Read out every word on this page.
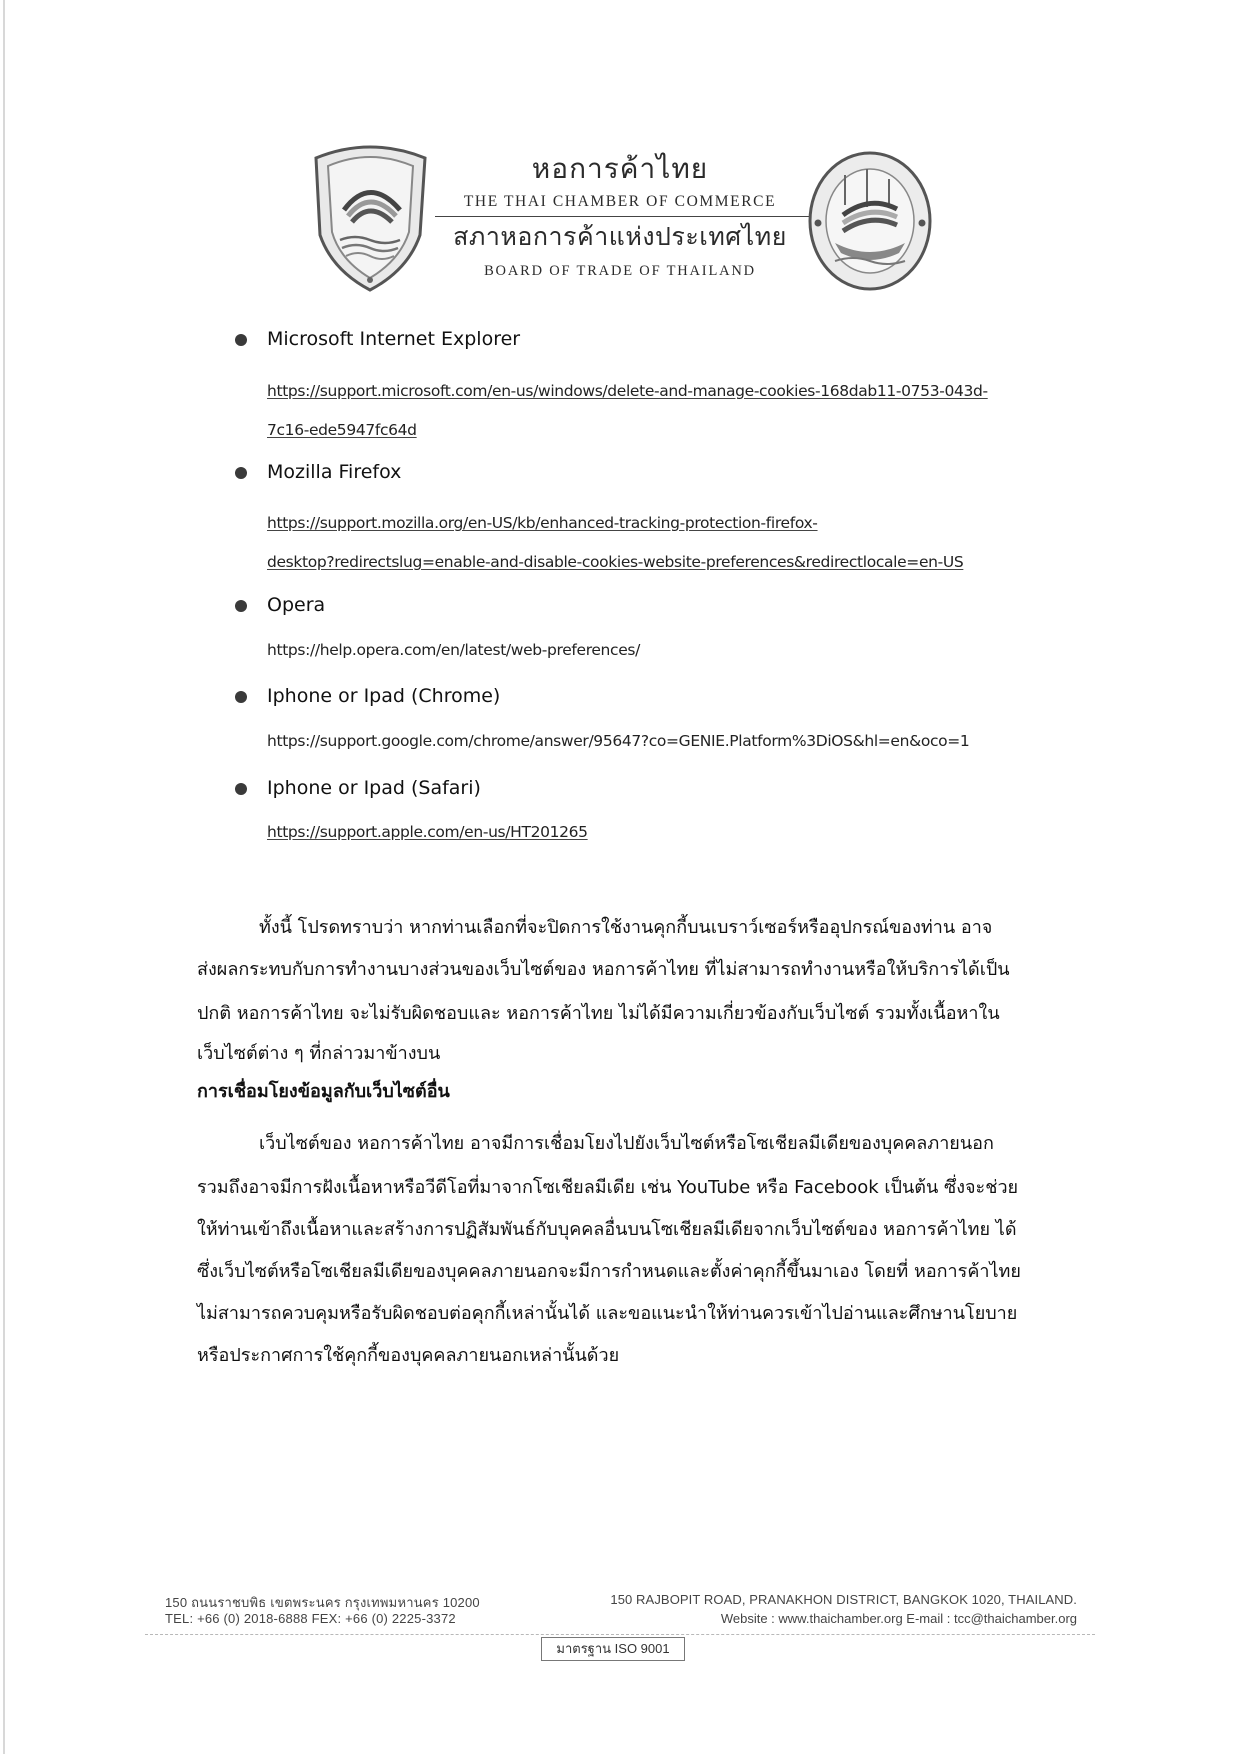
หอการค้าไทย
THE THAI CHAMBER OF COMMERCE
สภาหอการค้าแห่งประเทศไทย
BOARD OF TRADE OF THAILAND
Microsoft Internet Explorer
https://support.microsoft.com/en-us/windows/delete-and-manage-cookies-168dab11-0753-043d-
7c16-ede5947fc64d
Mozilla Firefox
https://support.mozilla.org/en-US/kb/enhanced-tracking-protection-firefox-
desktop?redirectslug=enable-and-disable-cookies-website-preferences&redirectlocale=en-US
Opera
https://help.opera.com/en/latest/web-preferences/
Iphone or Ipad (Chrome)
https://support.google.com/chrome/answer/95647?co=GENIE.Platform%3DiOS&hl=en&oco=1
Iphone or Ipad (Safari)
https://support.apple.com/en-us/HT201265
ทั้งนี้ โปรดทราบว่า หากท่านเลือกที่จะปิดการใช้งานคุกกี้บนเบราว์เซอร์หรืออุปกรณ์ของท่าน อาจ
ส่งผลกระทบกับการทำงานบางส่วนของเว็บไซต์ของ หอการค้าไทย ที่ไม่สามารถทำงานหรือให้บริการได้เป็น
ปกติ หอการค้าไทย จะไม่รับผิดชอบและ หอการค้าไทย ไม่ได้มีความเกี่ยวข้องกับเว็บไซต์ รวมทั้งเนื้อหาใน
เว็บไซต์ต่าง ๆ ที่กล่าวมาข้างบน
การเชื่อมโยงข้อมูลกับเว็บไซต์อื่น
เว็บไซต์ของ หอการค้าไทย อาจมีการเชื่อมโยงไปยังเว็บไซต์หรือโซเชียลมีเดียของบุคคลภายนอก
รวมถึงอาจมีการฝังเนื้อหาหรือวีดีโอที่มาจากโซเชียลมีเดีย เช่น YouTube หรือ Facebook เป็นต้น ซึ่งจะช่วย
ให้ท่านเข้าถึงเนื้อหาและสร้างการปฏิสัมพันธ์กับบุคคลอื่นบนโซเชียลมีเดียจากเว็บไซต์ของ หอการค้าไทย ได้
ซึ่งเว็บไซต์หรือโซเชียลมีเดียของบุคคลภายนอกจะมีการกำหนดและตั้งค่าคุกกี้ขึ้นมาเอง โดยที่ หอการค้าไทย
ไม่สามารถควบคุมหรือรับผิดชอบต่อคุกกี้เหล่านั้นได้ และขอแนะนำให้ท่านควรเข้าไปอ่านและศึกษานโยบาย
หรือประกาศการใช้คุกกี้ของบุคคลภายนอกเหล่านั้นด้วย
150 ถนนราชบพิธ เขตพระนคร กรุงเทพมหานคร 10200
TEL: +66 (0) 2018-6888 FEX: +66 (0) 2225-3372
150 RAJBOPIT ROAD, PRANAKHON DISTRICT, BANGKOK 1020, THAILAND.
Website : www.thaichamber.org E-mail : tcc@thaichamber.org
มาตรฐาน ISO 9001
